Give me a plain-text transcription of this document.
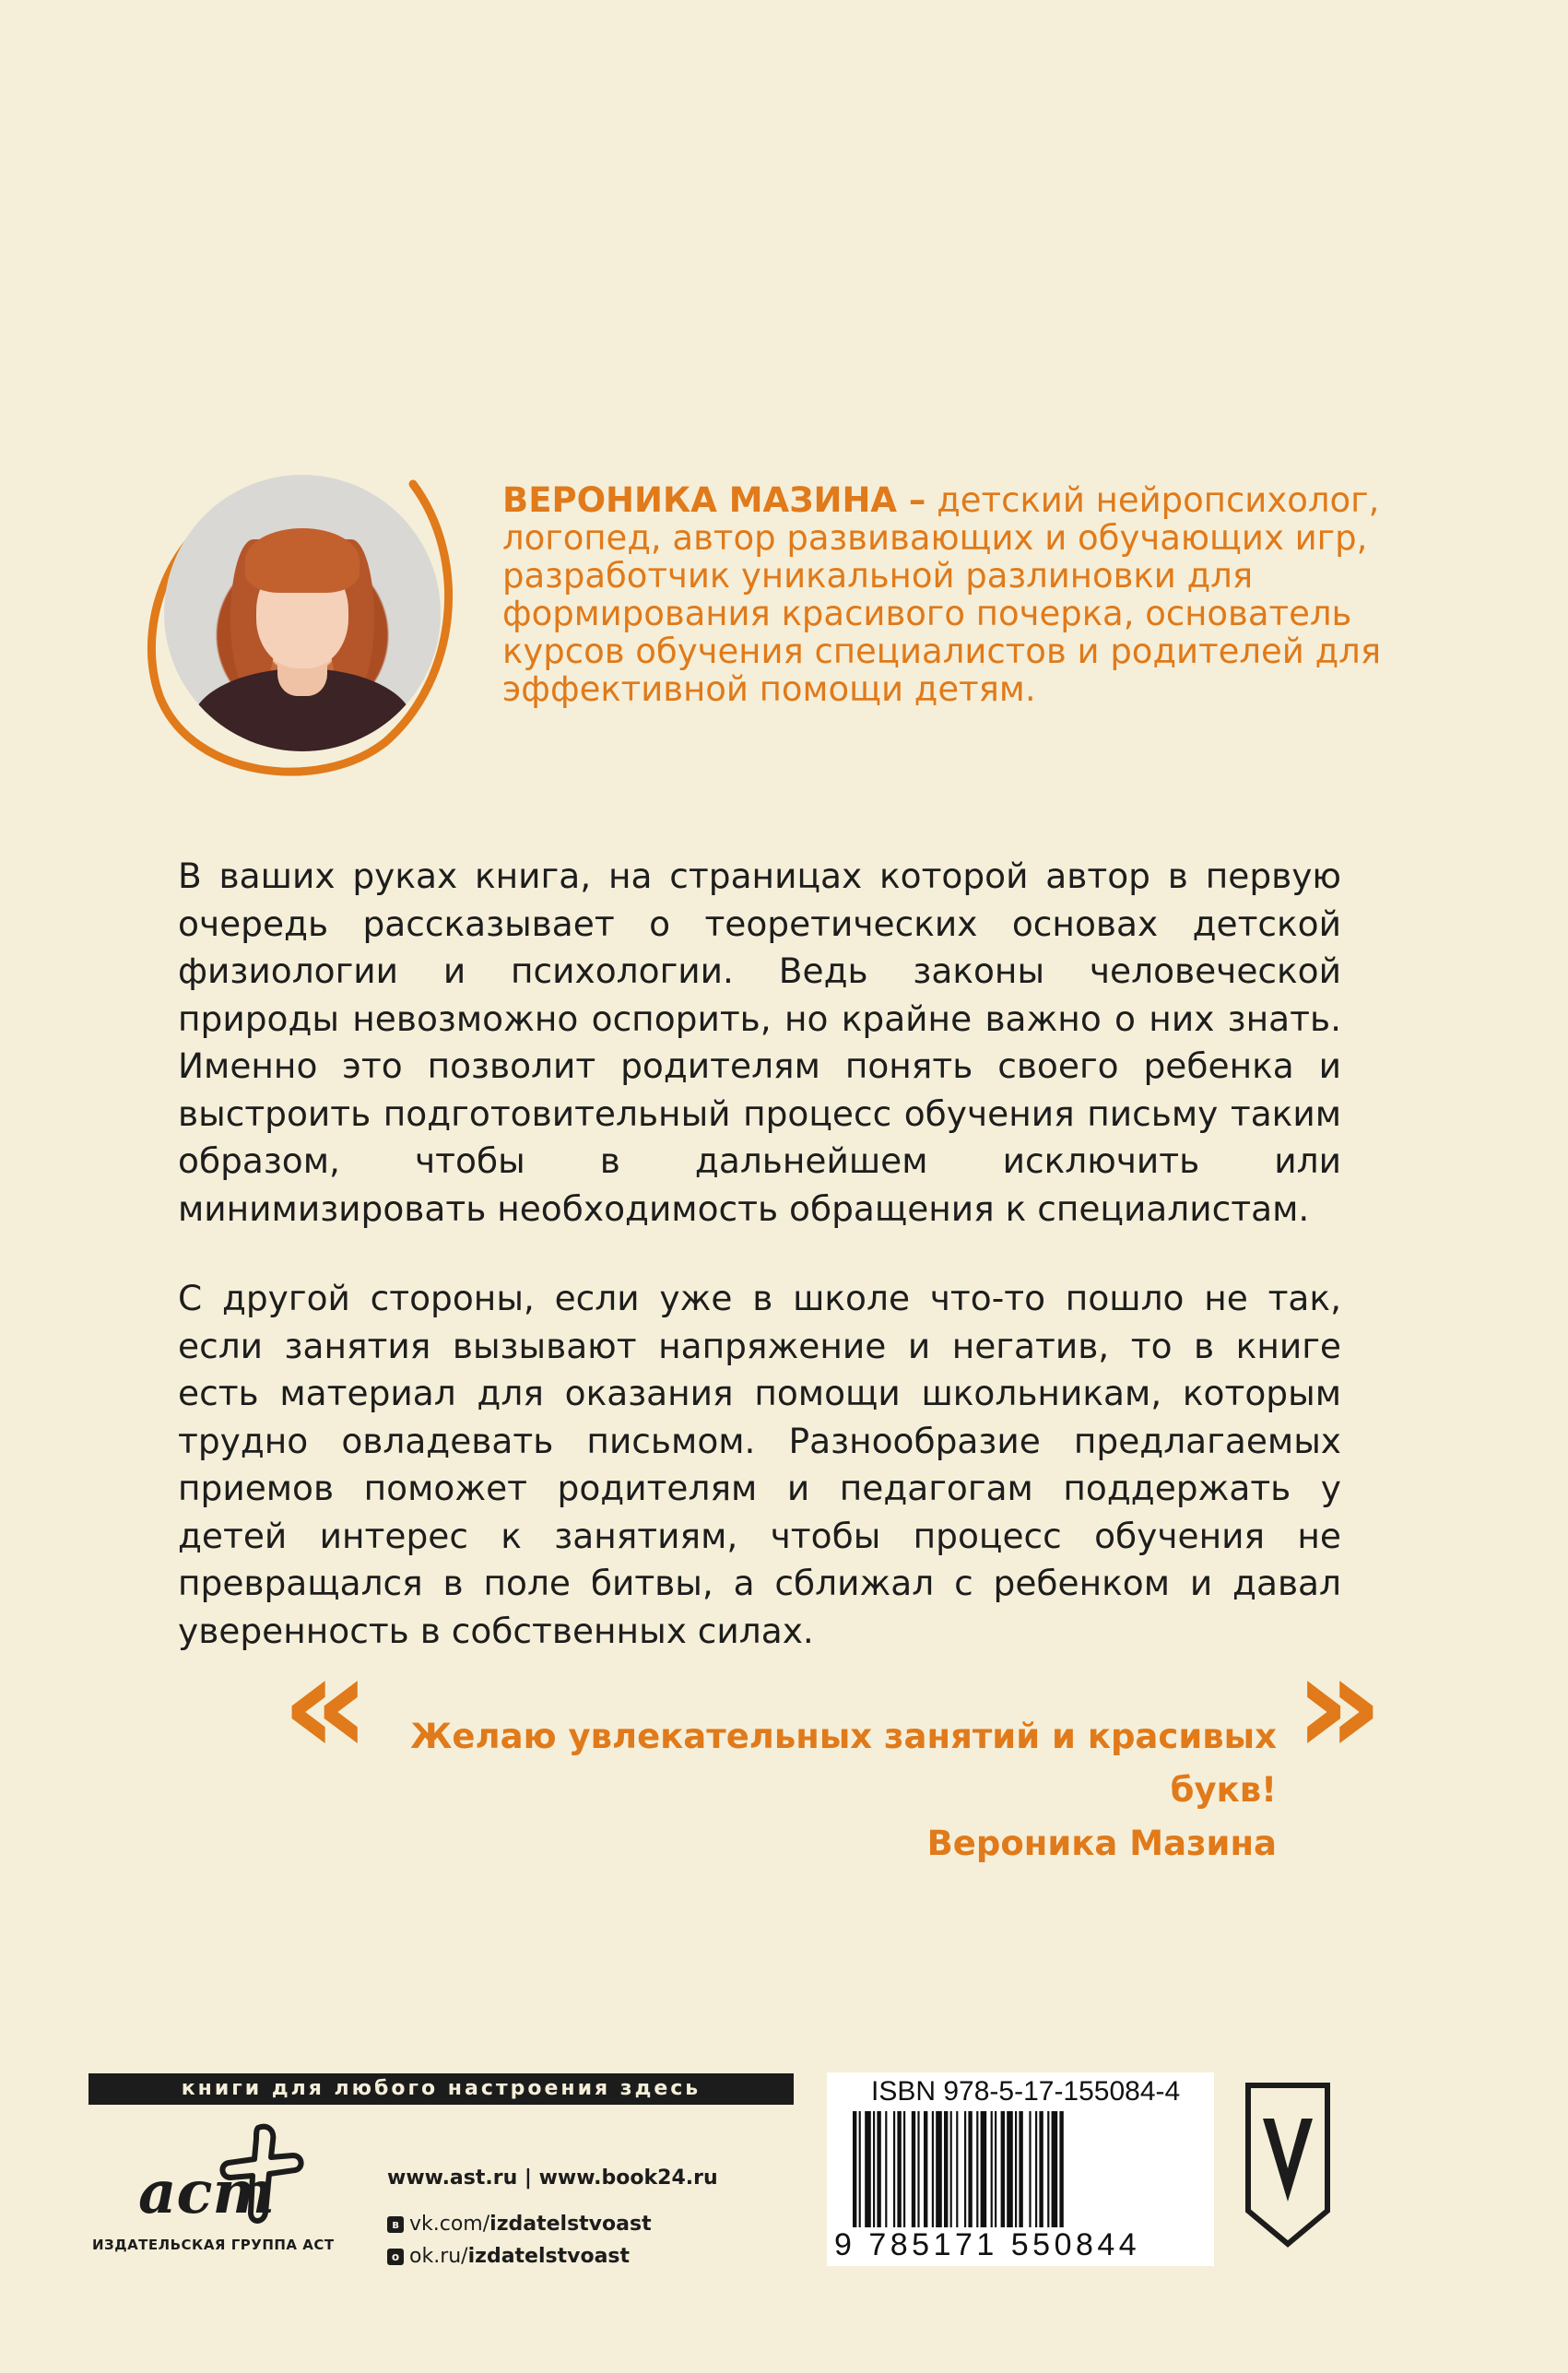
ВЕРОНИКА МАЗИНА – детский нейропсихолог, логопед, автор развивающих и обучающих игр, разработчик уникальной разлиновки для формирования красивого почерка, основатель курсов обучения специалистов и родителей для эффективной помощи детям.
В ваших руках книга, на страницах которой автор в первую очередь рассказывает о теоретических основах детской физиологии и психологии. Ведь законы человеческой природы невозможно оспорить, но крайне важно о них знать. Именно это позволит родителям понять своего ребенка и выстроить подготовительный процесс обучения письму таким образом, чтобы в дальнейшем исключить или минимизировать необходимость обращения к специалистам.
С другой стороны, если уже в школе что-то пошло не так, если занятия вызывают напряжение и негатив, то в книге есть материал для оказания помощи школьникам, которым трудно овладевать письмом. Разнообразие предлагаемых приемов поможет родителям и педагогам поддержать у детей интерес к занятиям, чтобы процесс обучения не превращался в поле битвы, а сближал с ребенком и давал уверенность в собственных силах.
«	Желаю увлекательных занятий и красивых букв!
Вероника Мазина
»
книги для любого настроения здесь
аст
ИЗДАТЕЛЬСКАЯ ГРУППА АСТ
www.ast.ru | www.book24.ru
в vk.com/ izdatelstvoast
о ok.ru/ izdatelstvoast
ISBN 978-5-17-155084-4
9 785171 550844
